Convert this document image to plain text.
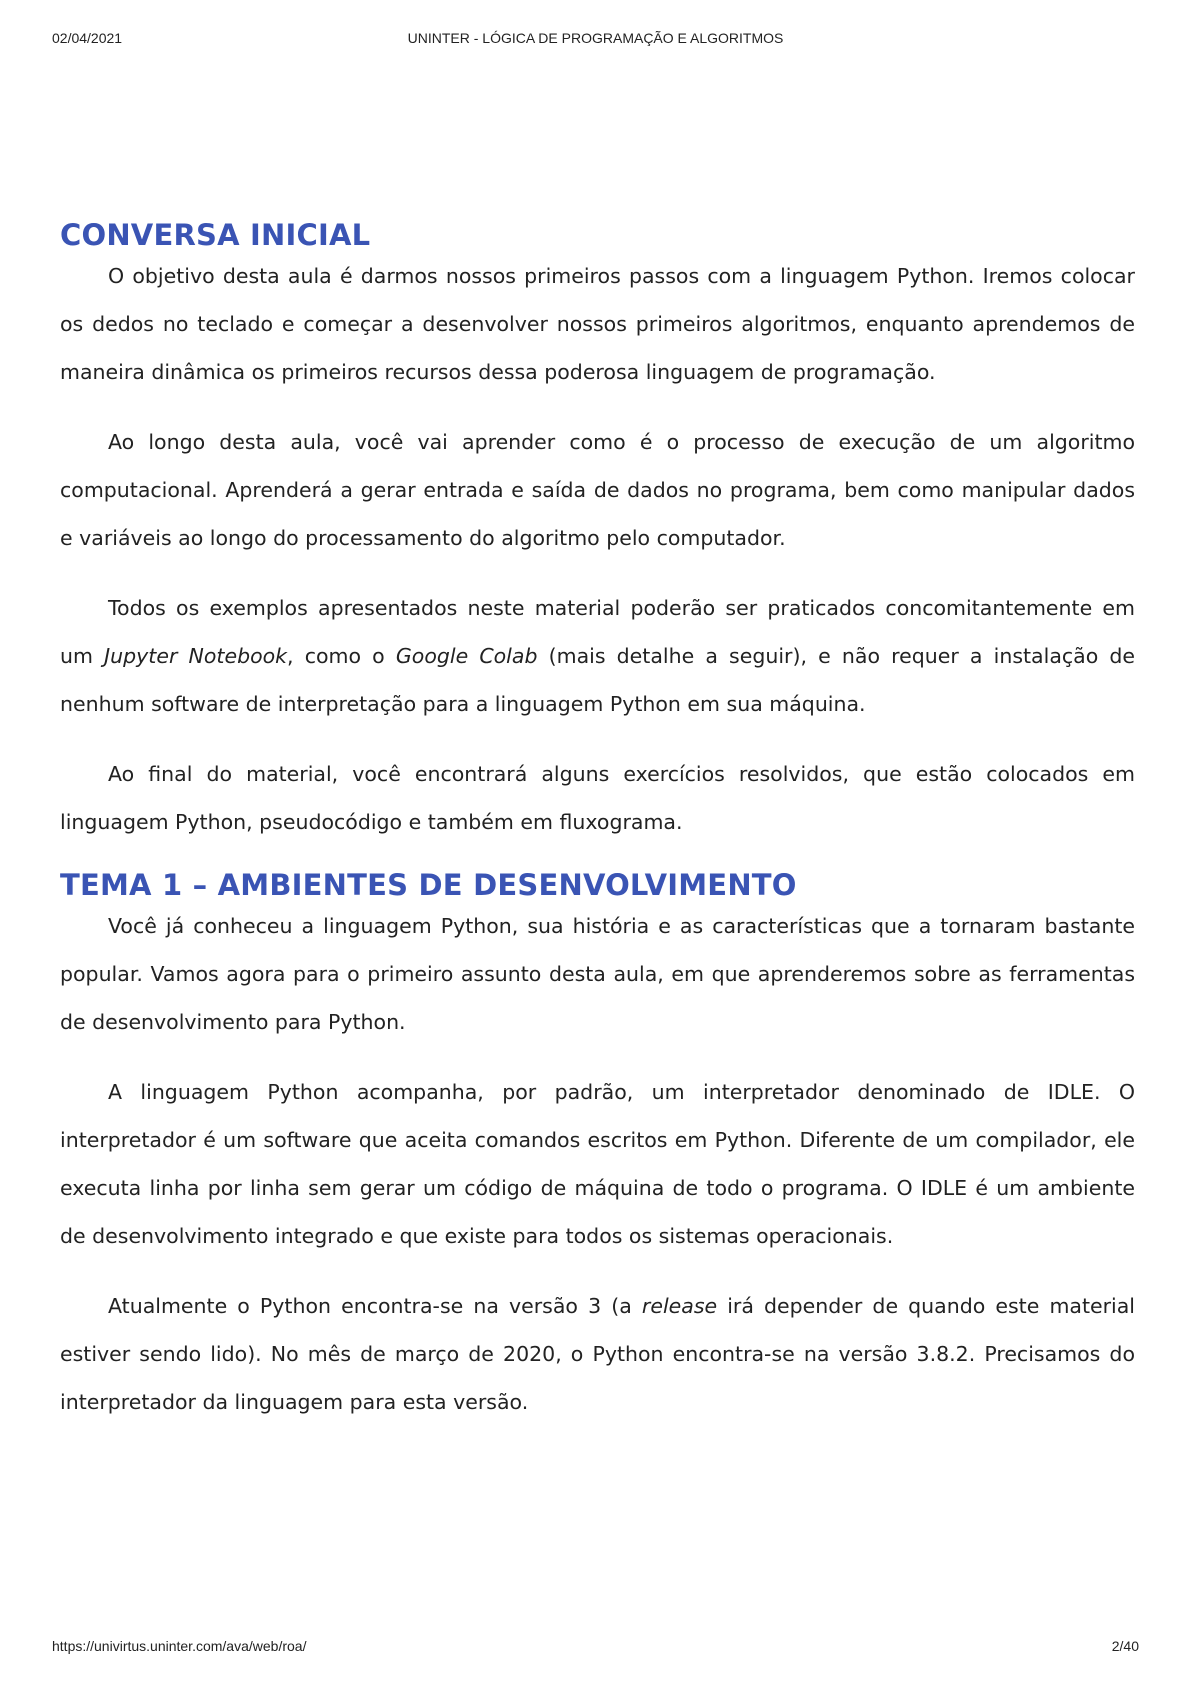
02/04/2021	UNINTER - LÓGICA DE PROGRAMAÇÃO E ALGORITMOS
CONVERSA INICIAL

O objetivo desta aula é darmos nossos primeiros passos com a linguagem Python. Iremos colocar os dedos no teclado e começar a desenvolver nossos primeiros algoritmos, enquanto aprendemos de maneira dinâmica os primeiros recursos dessa poderosa linguagem de programação.

Ao longo desta aula, você vai aprender como é o processo de execução de um algoritmo computacional. Aprenderá a gerar entrada e saída de dados no programa, bem como manipular dados e variáveis ao longo do processamento do algoritmo pelo computador.

Todos os exemplos apresentados neste material poderão ser praticados concomitantemente em um Jupyter Notebook, como o Google Colab (mais detalhe a seguir), e não requer a instalação de nenhum software de interpretação para a linguagem Python em sua máquina.

Ao final do material, você encontrará alguns exercícios resolvidos, que estão colocados em linguagem Python, pseudocódigo e também em fluxograma.

TEMA 1 – AMBIENTES DE DESENVOLVIMENTO

Você já conheceu a linguagem Python, sua história e as características que a tornaram bastante popular. Vamos agora para o primeiro assunto desta aula, em que aprenderemos sobre as ferramentas de desenvolvimento para Python.

A linguagem Python acompanha, por padrão, um interpretador denominado de IDLE. O interpretador é um software que aceita comandos escritos em Python. Diferente de um compilador, ele executa linha por linha sem gerar um código de máquina de todo o programa. O IDLE é um ambiente de desenvolvimento integrado e que existe para todos os sistemas operacionais.

Atualmente o Python encontra-se na versão 3 (a release irá depender de quando este material estiver sendo lido). No mês de março de 2020, o Python encontra-se na versão 3.8.2. Precisamos do interpretador da linguagem para esta versão.

https://univirtus.uninter.com/ava/web/roa/	2/40
